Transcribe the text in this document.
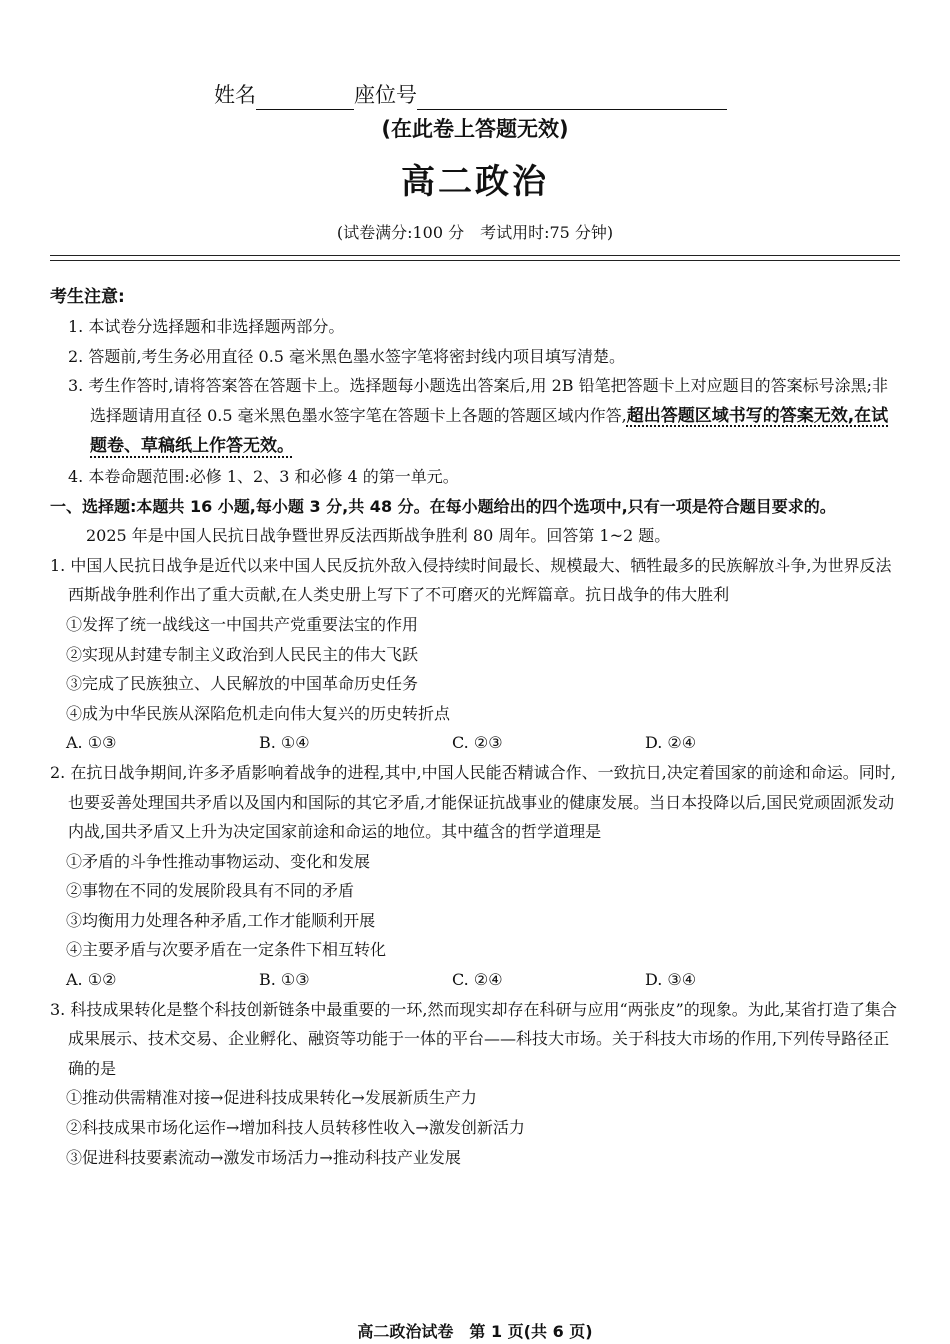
姓名	座位号
(在此卷上答题无效)
高二政治
(试卷满分:100 分　考试用时:75 分钟)
考生注意:
1. 本试卷分选择题和非选择题两部分。
2. 答题前,考生务必用直径 0.5 毫米黑色墨水签字笔将密封线内项目填写清楚。
3. 考生作答时,请将答案答在答题卡上。选择题每小题选出答案后,用 2B 铅笔把答题卡上对应题目的答案标号涂黑;非选择题请用直径 0.5 毫米黑色墨水签字笔在答题卡上各题的答题区域内作答,超出答题区域书写的答案无效,在试题卷、草稿纸上作答无效。
4. 本卷命题范围:必修 1、2、3 和必修 4 的第一单元。
一、选择题:本题共 16 小题,每小题 3 分,共 48 分。在每小题给出的四个选项中,只有一项是符合题目要求的。
2025 年是中国人民抗日战争暨世界反法西斯战争胜利 80 周年。回答第 1~2 题。
1. 中国人民抗日战争是近代以来中国人民反抗外敌入侵持续时间最长、规模最大、牺牲最多的民族解放斗争,为世界反法西斯战争胜利作出了重大贡献,在人类史册上写下了不可磨灭的光辉篇章。抗日战争的伟大胜利
①发挥了统一战线这一中国共产党重要法宝的作用
②实现从封建专制主义政治到人民民主的伟大飞跃
③完成了民族独立、人民解放的中国革命历史任务
④成为中华民族从深陷危机走向伟大复兴的历史转折点
A. ①③	B. ①④	C. ②③	D. ②④
2. 在抗日战争期间,许多矛盾影响着战争的进程,其中,中国人民能否精诚合作、一致抗日,决定着国家的前途和命运。同时,也要妥善处理国共矛盾以及国内和国际的其它矛盾,才能保证抗战事业的健康发展。当日本投降以后,国民党顽固派发动内战,国共矛盾又上升为决定国家前途和命运的地位。其中蕴含的哲学道理是
①矛盾的斗争性推动事物运动、变化和发展
②事物在不同的发展阶段具有不同的矛盾
③均衡用力处理各种矛盾,工作才能顺利开展
④主要矛盾与次要矛盾在一定条件下相互转化
A. ①②	B. ①③	C. ②④	D. ③④
3. 科技成果转化是整个科技创新链条中最重要的一环,然而现实却存在科研与应用“两张皮”的现象。为此,某省打造了集合成果展示、技术交易、企业孵化、融资等功能于一体的平台——科技大市场。关于科技大市场的作用,下列传导路径正确的是
①推动供需精准对接→促进科技成果转化→发展新质生产力
②科技成果市场化运作→增加科技人员转移性收入→激发创新活力
③促进科技要素流动→激发市场活力→推动科技产业发展
高二政治试卷　第 1 页(共 6 页)
